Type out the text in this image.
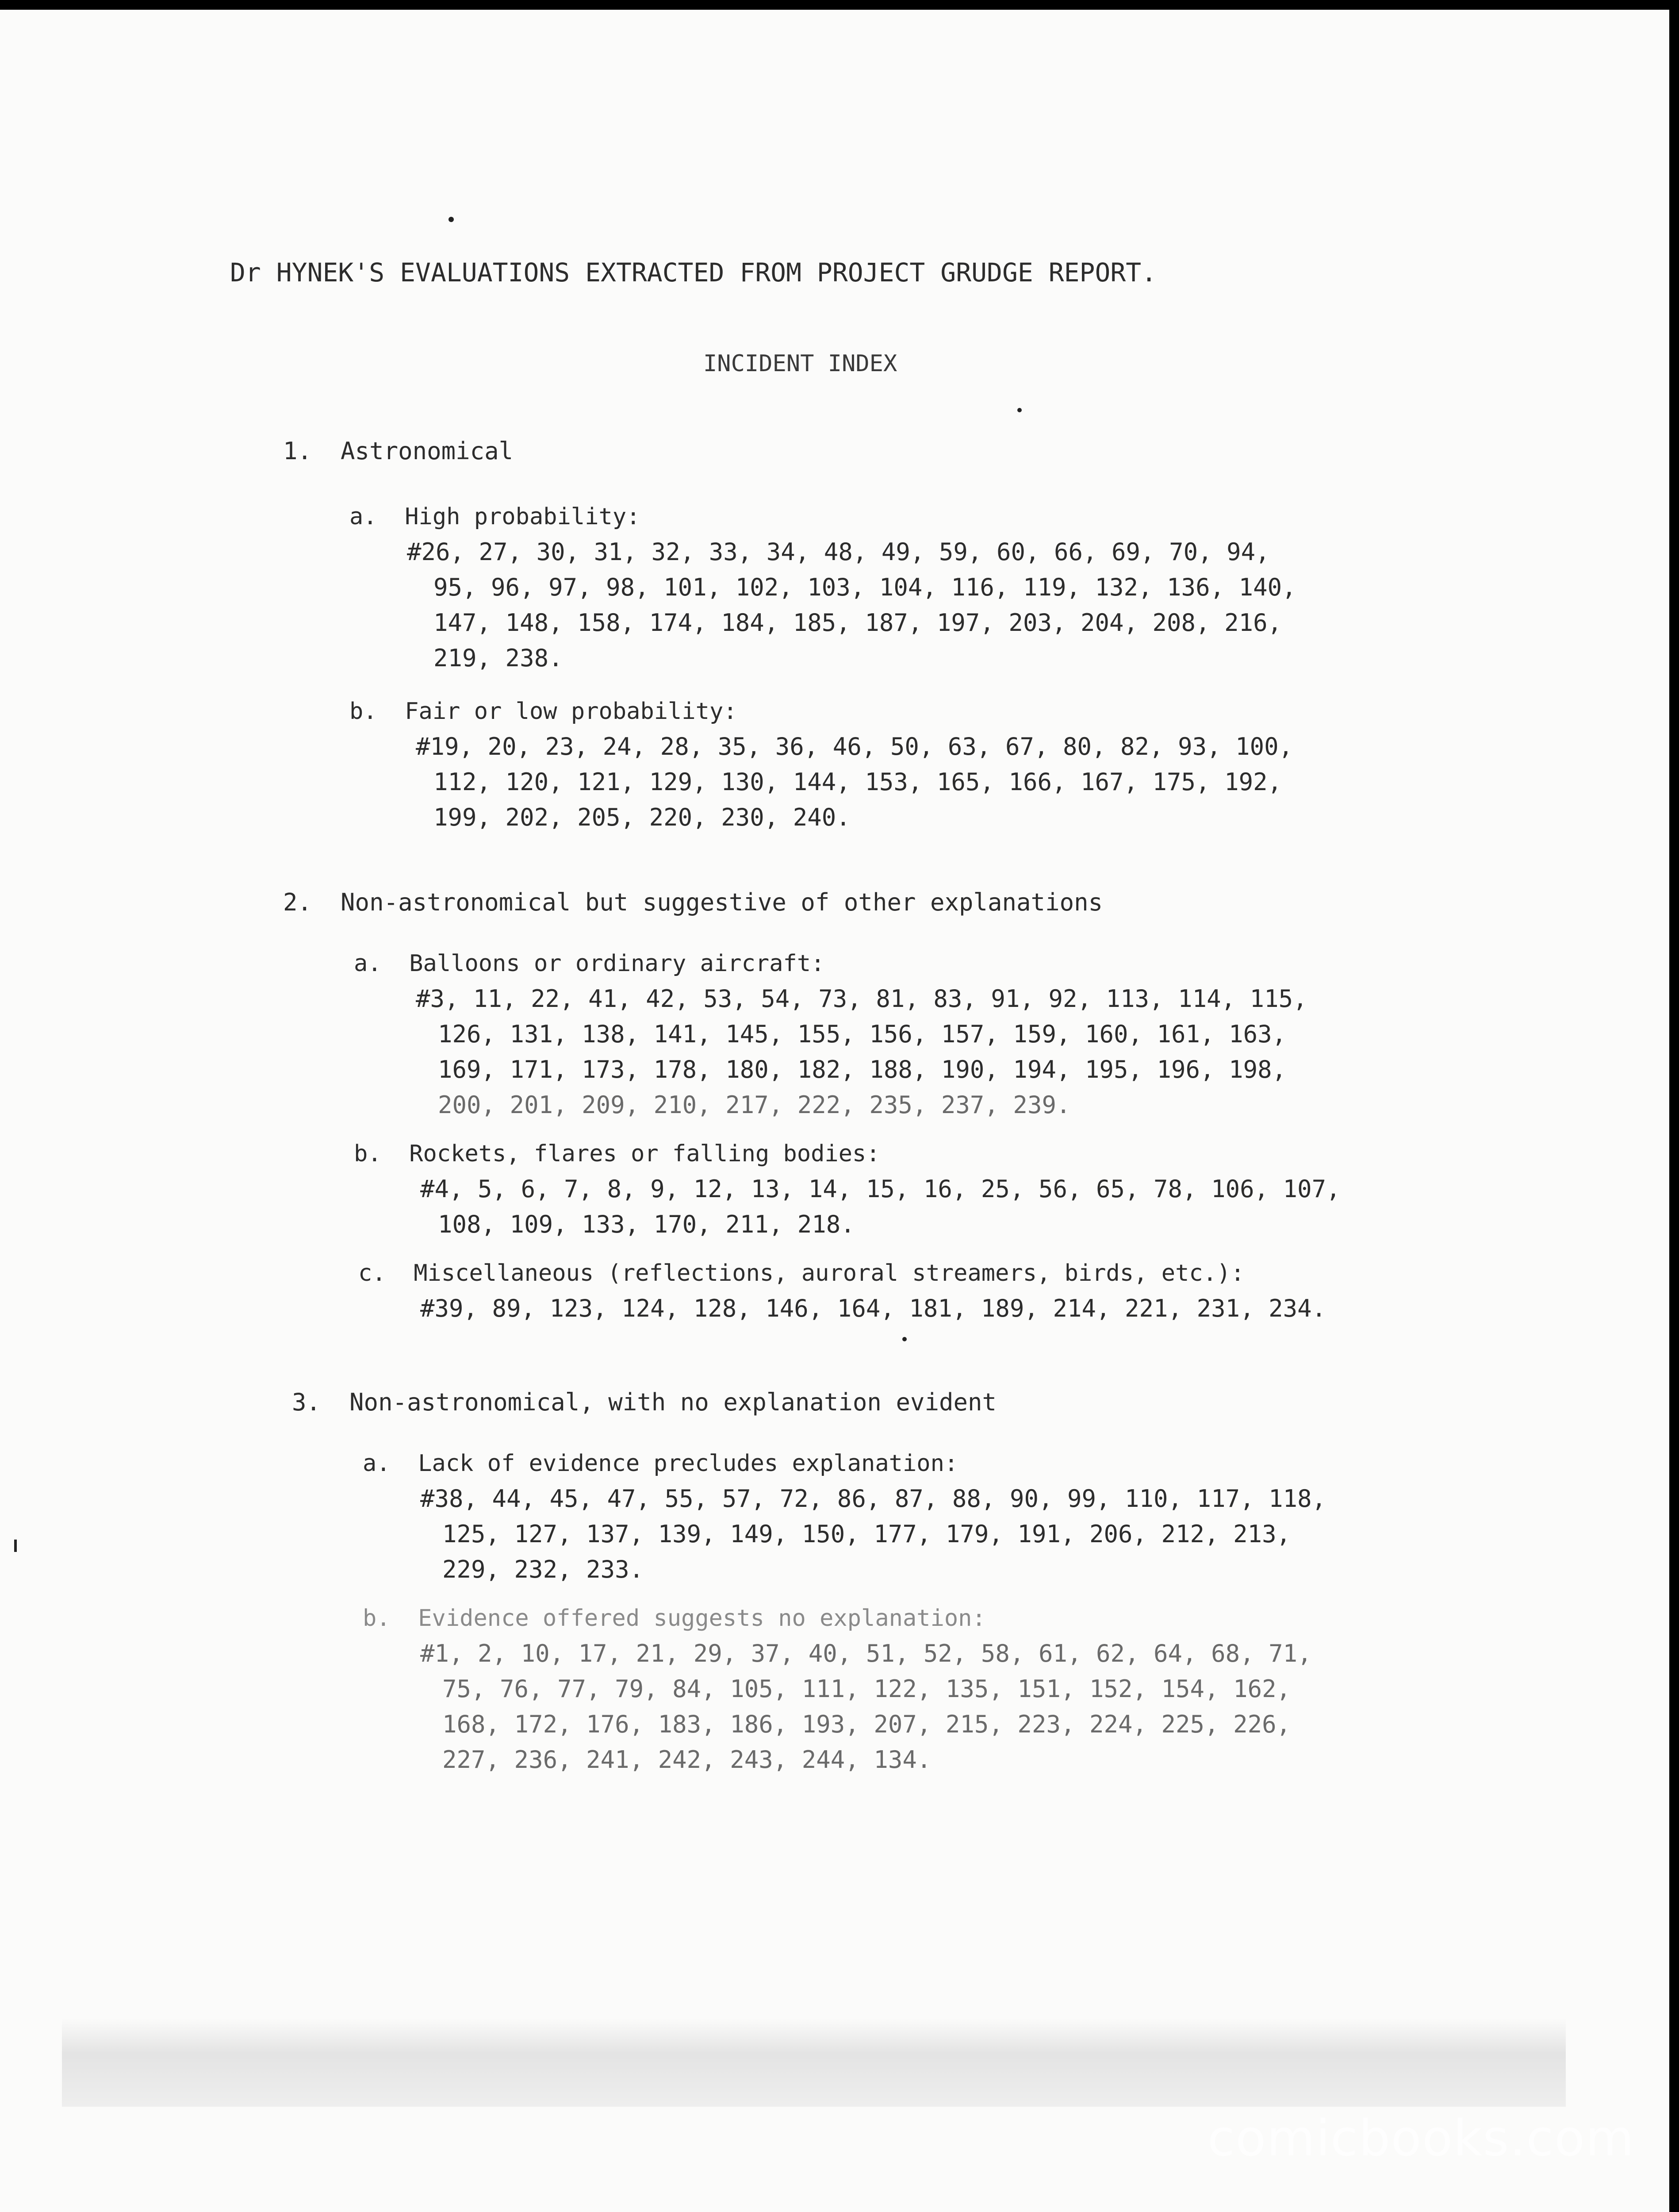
Dr HYNEK'S EVALUATIONS EXTRACTED FROM PROJECT GRUDGE REPORT.
INCIDENT INDEX
1.  Astronomical
a.  High probability:
#26, 27, 30, 31, 32, 33, 34, 48, 49, 59, 60, 66, 69, 70, 94,
95, 96, 97, 98, 101, 102, 103, 104, 116, 119, 132, 136, 140,
147, 148, 158, 174, 184, 185, 187, 197, 203, 204, 208, 216,
219, 238.
b.  Fair or low probability:
#19, 20, 23, 24, 28, 35, 36, 46, 50, 63, 67, 80, 82, 93, 100,
112, 120, 121, 129, 130, 144, 153, 165, 166, 167, 175, 192,
199, 202, 205, 220, 230, 240.
2.  Non-astronomical but suggestive of other explanations
a.  Balloons or ordinary aircraft:
#3, 11, 22, 41, 42, 53, 54, 73, 81, 83, 91, 92, 113, 114, 115,
126, 131, 138, 141, 145, 155, 156, 157, 159, 160, 161, 163,
169, 171, 173, 178, 180, 182, 188, 190, 194, 195, 196, 198,
200, 201, 209, 210, 217, 222, 235, 237, 239.
b.  Rockets, flares or falling bodies:
#4, 5, 6, 7, 8, 9, 12, 13, 14, 15, 16, 25, 56, 65, 78, 106, 107,
108, 109, 133, 170, 211, 218.
c.  Miscellaneous (reflections, auroral streamers, birds, etc.):
#39, 89, 123, 124, 128, 146, 164, 181, 189, 214, 221, 231, 234.
3.  Non-astronomical, with no explanation evident
a.  Lack of evidence precludes explanation:
#38, 44, 45, 47, 55, 57, 72, 86, 87, 88, 90, 99, 110, 117, 118,
125, 127, 137, 139, 149, 150, 177, 179, 191, 206, 212, 213,
229, 232, 233.
b.  Evidence offered suggests no explanation:
#1, 2, 10, 17, 21, 29, 37, 40, 51, 52, 58, 61, 62, 64, 68, 71,
75, 76, 77, 79, 84, 105, 111, 122, 135, 151, 152, 154, 162,
168, 172, 176, 183, 186, 193, 207, 215, 223, 224, 225, 226,
227, 236, 241, 242, 243, 244, 134.
comicbooks.com
